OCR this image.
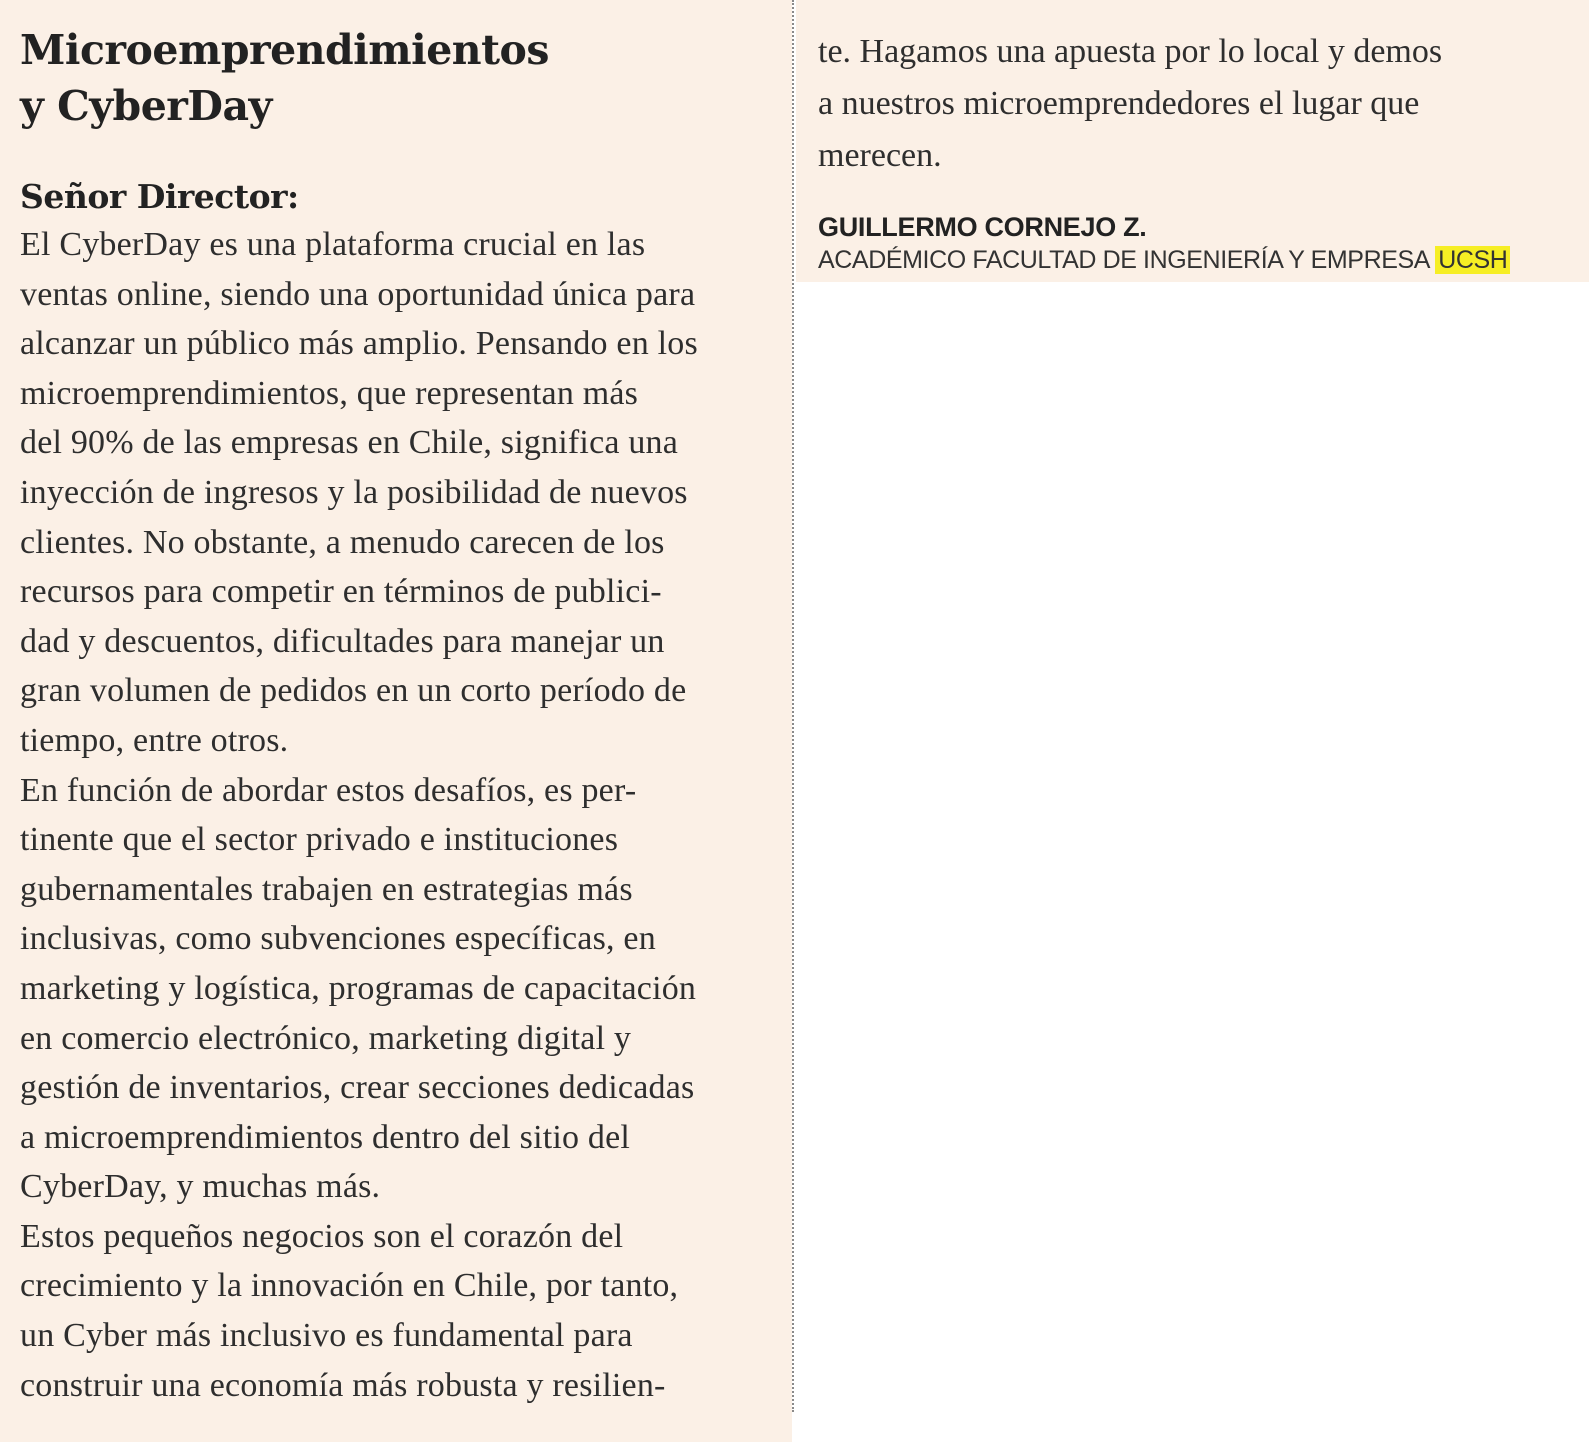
Microemprendimientos
y CyberDay

Señor Director:

El CyberDay es una plataforma crucial en las
ventas online, siendo una oportunidad única para
alcanzar un público más amplio. Pensando en los
microemprendimientos, que representan más
del 90% de las empresas en Chile, significa una
inyección de ingresos y la posibilidad de nuevos
clientes. No obstante, a menudo carecen de los
recursos para competir en términos de publici-
dad y descuentos, dificultades para manejar un
gran volumen de pedidos en un corto período de
tiempo, entre otros.

En función de abordar estos desafíos, es per-
tinente que el sector privado e instituciones
gubernamentales trabajen en estrategias más
inclusivas, como subvenciones específicas, en
marketing y logística, programas de capacitación
en comercio electrónico, marketing digital y
gestión de inventarios, crear secciones dedicadas
a microemprendimientos dentro del sitio del
CyberDay, y muchas más.

Estos pequeños negocios son el corazón del
crecimiento y la innovación en Chile, por tanto,
un Cyber más inclusivo es fundamental para
construir una economía más robusta y resilien-

te. Hagamos una apuesta por lo local y demos
a nuestros microemprendedores el lugar que
merecen.

GUILLERMO CORNEJO Z.

ACADÉMICO FACULTAD DE INGENIERÍA Y EMPRESA UCSH
